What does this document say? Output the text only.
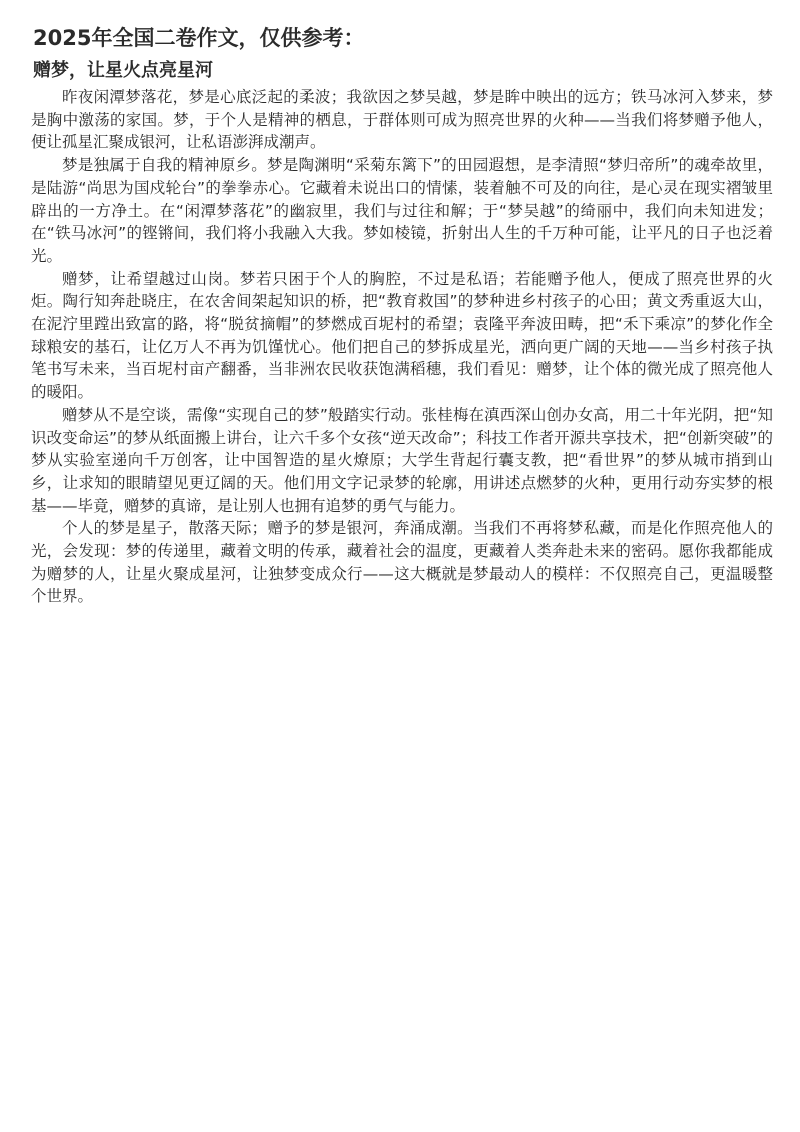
2025年全国二卷作文，仅供参考：
赠梦，让星火点亮星河

昨夜闲潭梦落花，梦是心底泛起的柔波；我欲因之梦吴越，梦是眸中映出的远方；铁马冰河入梦来，梦是胸中激荡的家国。梦，于个人是精神的栖息，于群体则可成为照亮世界的火种——当我们将梦赠予他人，便让孤星汇聚成银河，让私语澎湃成潮声。

梦是独属于自我的精神原乡。梦是陶渊明“采菊东篱下”的田园遐想，是李清照“梦归帝所”的魂牵故里，是陆游“尚思为国戍轮台”的拳拳赤心。它藏着未说出口的情愫，装着触不可及的向往，是心灵在现实褶皱里辟出的一方净土。在“闲潭梦落花”的幽寂里，我们与过往和解；于“梦吴越”的绮丽中，我们向未知进发；在“铁马冰河”的铿锵间，我们将小我融入大我。梦如棱镜，折射出人生的千万种可能，让平凡的日子也泛着光。

赠梦，让希望越过山岗。梦若只困于个人的胸腔，不过是私语；若能赠予他人，便成了照亮世界的火炬。陶行知奔赴晓庄，在农舍间架起知识的桥，把“教育救国”的梦种进乡村孩子的心田；黄文秀重返大山，在泥泞里蹚出致富的路，将“脱贫摘帽”的梦燃成百坭村的希望；袁隆平奔波田畴，把“禾下乘凉”的梦化作全球粮安的基石，让亿万人不再为饥馑忧心。他们把自己的梦拆成星光，洒向更广阔的天地——当乡村孩子执笔书写未来，当百坭村亩产翻番，当非洲农民收获饱满稻穗，我们看见：赠梦，让个体的微光成了照亮他人的暖阳。

赠梦从不是空谈，需像“实现自己的梦”般踏实行动。张桂梅在滇西深山创办女高，用二十年光阴，把“知识改变命运”的梦从纸面搬上讲台，让六千多个女孩“逆天改命”；科技工作者开源共享技术，把“创新突破”的梦从实验室递向千万创客，让中国智造的星火燎原；大学生背起行囊支教，把“看世界”的梦从城市捎到山乡，让求知的眼睛望见更辽阔的天。他们用文字记录梦的轮廓，用讲述点燃梦的火种，更用行动夯实梦的根基——毕竟，赠梦的真谛，是让别人也拥有追梦的勇气与能力。

个人的梦是星子，散落天际；赠予的梦是银河，奔涌成潮。当我们不再将梦私藏，而是化作照亮他人的光，会发现：梦的传递里，藏着文明的传承，藏着社会的温度，更藏着人类奔赴未来的密码。愿你我都能成为赠梦的人，让星火聚成星河，让独梦变成众行——这大概就是梦最动人的模样：不仅照亮自己，更温暖整个世界。
